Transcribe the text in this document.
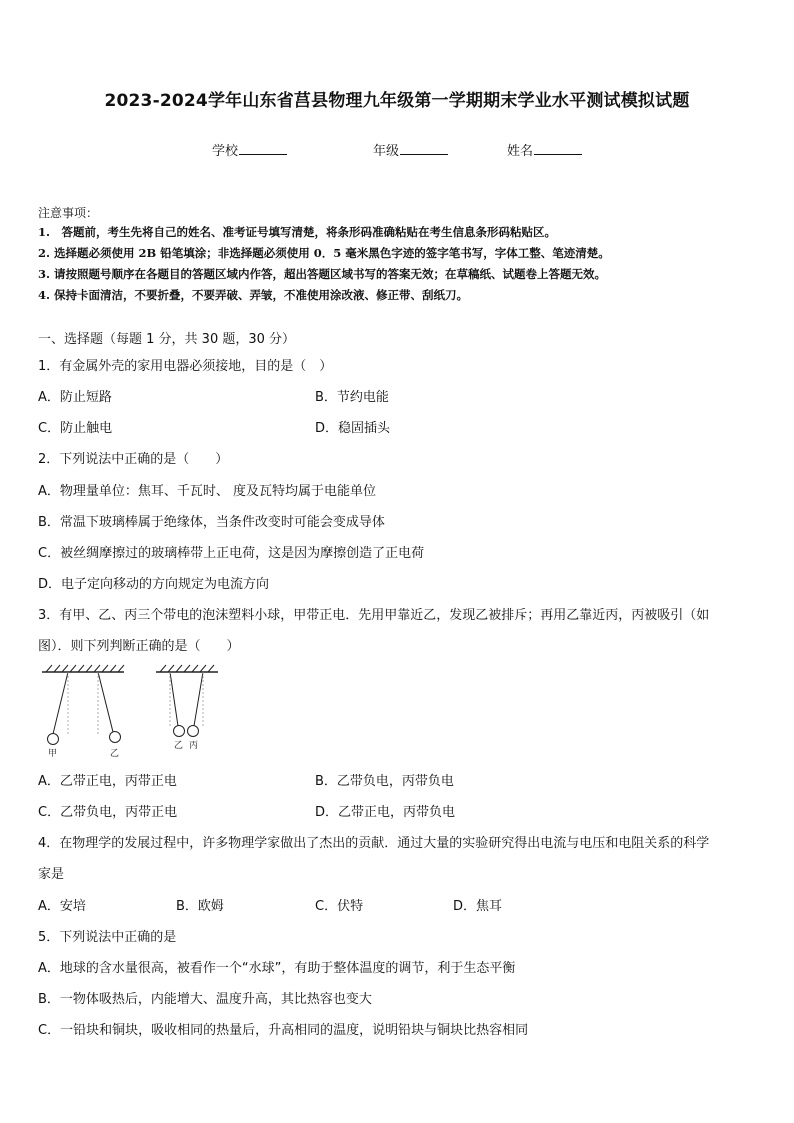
2023-2024学年山东省莒县物理九年级第一学期期末学业水平测试模拟试题
学校	年级	姓名
注意事项：
1.　答题前，考生先将自己的姓名、准考证号填写清楚，将条形码准确粘贴在考生信息条形码粘贴区。
2. 选择题必须使用 2B 铅笔填涂；非选择题必须使用 0．5 毫米黑色字迹的签字笔书写，字体工整、笔迹清楚。
3. 请按照题号顺序在各题目的答题区域内作答，超出答题区域书写的答案无效；在草稿纸、试题卷上答题无效。
4. 保持卡面清洁，不要折叠，不要弄破、弄皱，不准使用涂改液、修正带、刮纸刀。
一、选择题（每题 1 分，共 30 题，30 分）
1．有金属外壳的家用电器必须接地，目的是（　）
A．防止短路	B．节约电能
C．防止触电	D．稳固插头
2．下列说法中正确的是（　　）
A．物理量单位：焦耳、千瓦时、 度及瓦特均属于电能单位
B．常温下玻璃棒属于绝缘体，当条件改变时可能会变成导体
C．被丝绸摩擦过的玻璃棒带上正电荷，这是因为摩擦创造了正电荷
D．电子定向移动的方向规定为电流方向
3．有甲、乙、丙三个带电的泡沫塑料小球，甲带正电．先用甲靠近乙，发现乙被排斥；再用乙靠近丙，丙被吸引（如
图）．则下列判断正确的是（　　）
甲	乙
乙 丙
A．乙带正电，丙带正电	B．乙带负电，丙带负电
C．乙带负电，丙带正电	D．乙带正电，丙带负电
4．在物理学的发展过程中，许多物理学家做出了杰出的贡献．通过大量的实验研究得出电流与电压和电阻关系的科学
家是
A．安培	B．欧姆	C．伏特	D．焦耳
5．下列说法中正确的是
A．地球的含水量很高，被看作一个“水球”，有助于整体温度的调节，利于生态平衡
B．一物体吸热后，内能增大、温度升高，其比热容也变大
C．一铅块和铜块，吸收相同的热量后，升高相同的温度，说明铅块与铜块比热容相同
